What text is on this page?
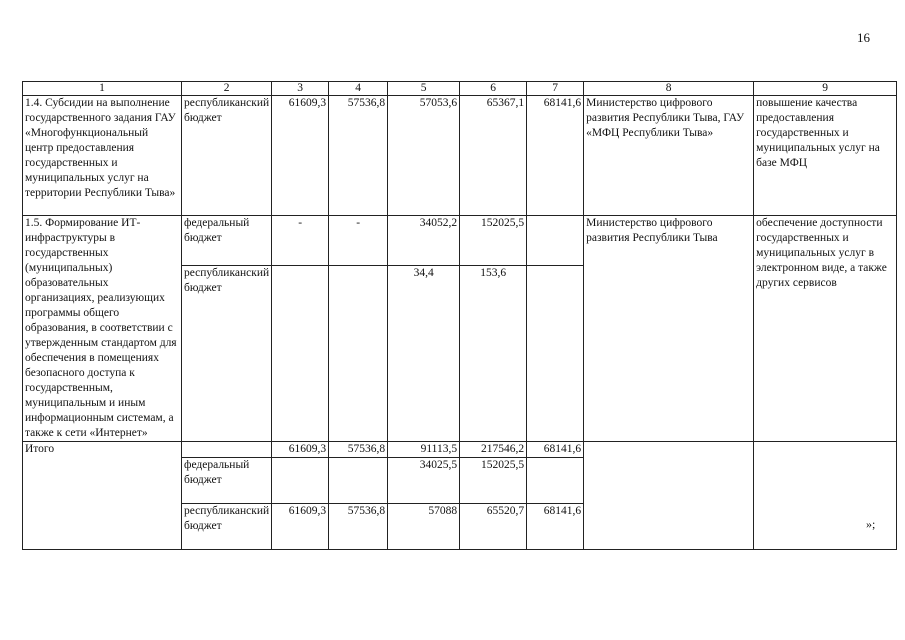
16
1	2	3	4	5	6	7	8	9
1.4. Субсидии на выполнение государственного задания ГАУ «Многофункциональный центр предоставления государственных и муниципальных услуг на территории Республики Тыва»	республиканский бюджет	61609,3	57536,8	57053,6	65367,1	68141,6	Министерство цифрового развития Республики Тыва, ГАУ «МФЦ Республики Тыва»	повышение качества предоставления государственных и муниципальных услуг на базе МФЦ
1.5. Формирование ИТ-инфраструктуры в государственных (муниципальных) образовательных организациях, реализующих программы общего образования, в соответствии с утвержденным стандартом для обеспечения в помещениях безопасного доступа к государственным, муниципальным и иным информационным системам, а также к сети «Интернет»	федеральный бюджет	-	-	34052,2	152025,5		Министерство цифрового развития Республики Тыва	обеспечение доступности государственных и муниципальных услуг в электронном виде, а также других сервисов
	республиканский бюджет			34,4	153,6			
Итого		61609,3	57536,8	91113,5	217546,2	68141,6		
	федеральный бюджет			34025,5	152025,5			
	республиканский бюджет	61609,3	57536,8	57088	65520,7	68141,6		
»;
